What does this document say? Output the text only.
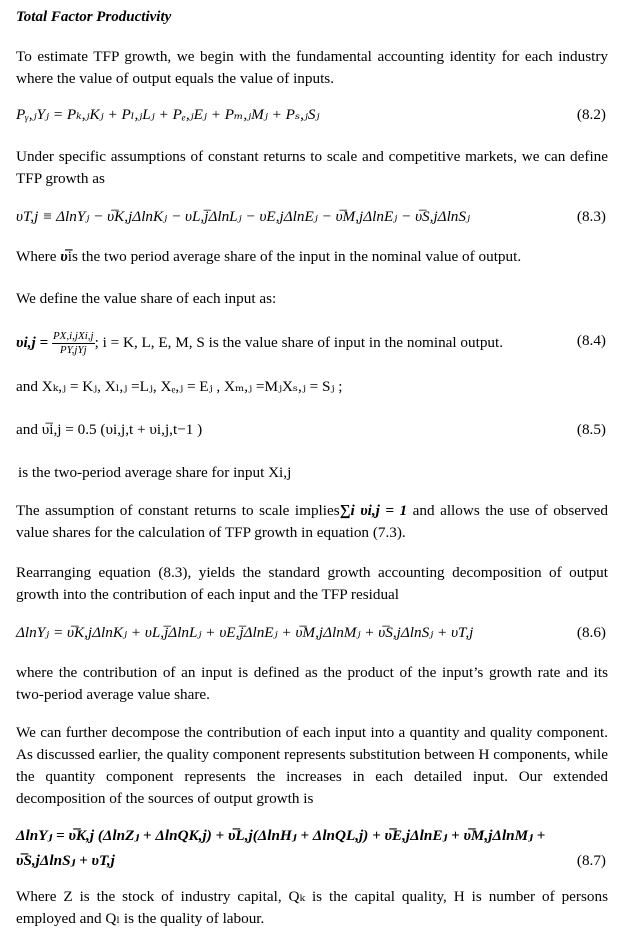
Total Factor Productivity
To estimate TFP growth, we begin with the fundamental accounting identity for each industry where the value of output equals the value of inputs.
Pᵧ,ⱼYⱼ = Pₖ,ⱼKⱼ + Pₗ,ⱼLⱼ + Pₑ,ⱼEⱼ + Pₘ,ⱼMⱼ + Pₛ,ⱼSⱼ	(8.2)
Under specific assumptions of constant returns to scale and competitive markets, we can define TFP growth as
υT,j ≡ ΔlnYⱼ − υ̅K,jΔlnKⱼ − υL,j̅ΔlnLⱼ − υE,jΔlnEⱼ − υ̅M,jΔlnEⱼ − υ̅S,jΔlnSⱼ	(8.3)
Where υ̅is the two period average share of the input in the nominal value of output.
We define the value share of each input as:
$\upsilon i,j = \frac{\text{PX,i,jXi,j}}{\text{PY,jYj}}$ ; i = K, L, E, M, S is the value share of input in the nominal output.	(8.4)
and Xₖ,ⱼ = Kⱼ, Xₗ,ⱼ =Lⱼ, Xₑ,ⱼ = Eⱼ , Xₘ,ⱼ =MⱼXₛ,ⱼ = Sⱼ ;
and υ̅i,j = 0.5 (υi,j,t + υi,j,t−1 )	(8.5)
is the two-period average share for input Xi,j
The assumption of constant returns to scale implies∑i υi,j = 1 and allows the use of observed value shares for the calculation of TFP growth in equation (7.3).
Rearranging equation (8.3), yields the standard growth accounting decomposition of output growth into the contribution of each input and the TFP residual
ΔlnYⱼ = υ̅K,jΔlnKⱼ + υL,j̅ΔlnLⱼ + υE,j̅ΔlnEⱼ + υ̅M,jΔlnMⱼ + υ̅S,jΔlnSⱼ + υT,j	(8.6)
where the contribution of an input is defined as the product of the input’s growth rate and its two-period average value share.
We can further decompose the contribution of each input into a quantity and quality component. As discussed earlier, the quality component represents substitution between H components, while the quantity component represents the increases in each detailed input. Our extended decomposition of the sources of output growth is
ΔlnYⱼ = υ̅K,j (ΔlnZⱼ + ΔlnQK,j) + υ̅L,j(ΔlnHⱼ + ΔlnQL,j) + υ̅E,jΔlnEⱼ + υ̅M,jΔlnMⱼ +
υ̅S,jΔlnSⱼ + υT,j	(8.7)
Where Z is the stock of industry capital, Qₖ is the capital quality, H is number of persons employed and Qₗ is the quality of labour.
